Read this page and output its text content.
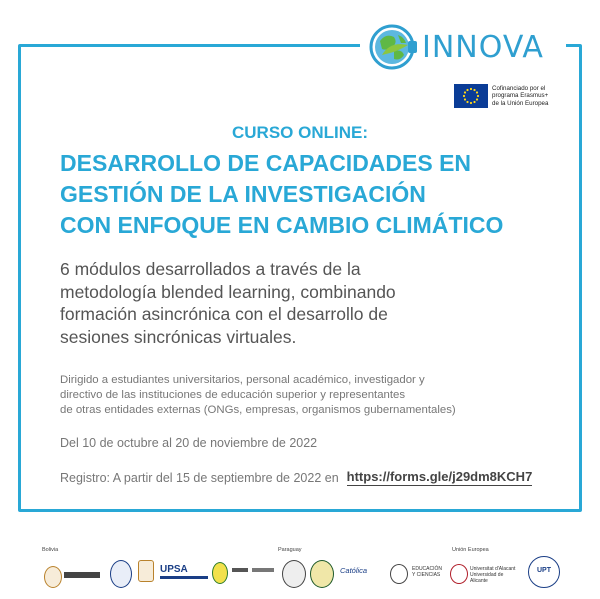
INNOVA
Cofinanciado por el
programa Erasmus+
de la Unión Europea
CURSO ONLINE:
DESARROLLO DE CAPACIDADES EN
GESTIÓN DE LA INVESTIGACIÓN
CON ENFOQUE EN CAMBIO CLIMÁTICO
6 módulos desarrollados a través de la
metodología blended learning, combinando
formación asincrónica con el desarrollo de
sesiones sincrónicas virtuales.
Dirigido a estudiantes universitarios, personal académico, investigador y
directivo de las instituciones de educación superior y representantes
de otras entidades externas (ONGs, empresas, organismos gubernamentales)
Del 10 de octubre al 20 de noviembre de 2022
Registro: A partir del 15 de septiembre de 2022 en https://forms.gle/j29dm8KCH7
Bolivia	Paraguay	Unión Europea
UPSA	Católica	EDUCACIÓN Y CIENCIAS
Universitat d'Alacant Universidad de Alicante
UPT
